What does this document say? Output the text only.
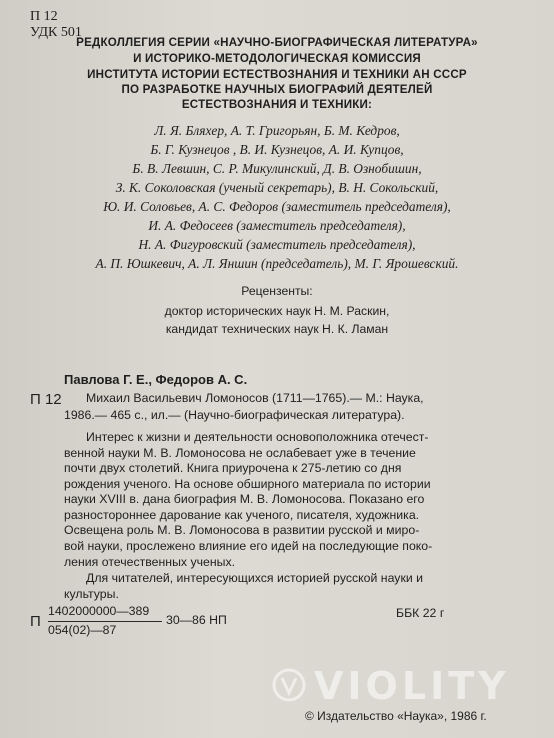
П 12
УДК 501
РЕДКОЛЛЕГИЯ СЕРИИ «НАУЧНО-БИОГРАФИЧЕСКАЯ ЛИТЕРАТУРА»
И ИСТОРИКО-МЕТОДОЛОГИЧЕСКАЯ КОМИССИЯ
ИНСТИТУТА ИСТОРИИ ЕСТЕСТВОЗНАНИЯ И ТЕХНИКИ АН СССР
ПО РАЗРАБОТКЕ НАУЧНЫХ БИОГРАФИЙ ДЕЯТЕЛЕЙ
ЕСТЕСТВОЗНАНИЯ И ТЕХНИКИ:
Л. Я. Бляхер, А. Т. Григорьян, Б. М. Кедров,
Б. Г. Кузнецов , В. И. Кузнецов, А. И. Купцов,
Б. В. Левшин, С. Р. Микулинский, Д. В. Ознобишин,
З. К. Соколовская (ученый секретарь), В. Н. Сокольский,
Ю. И. Соловьев, А. С. Федоров (заместитель председателя),
И. А. Федосеев (заместитель председателя),
Н. А. Фигуровский (заместитель председателя),
А. П. Юшкевич, А. Л. Яншин (председатель), М. Г. Ярошевский.
Рецензенты:
доктор исторических наук Н. М. Раскин,
кандидат технических наук Н. К. Ламан
Павлова Г. Е., Федоров А. С.
П 12 Михаил Васильевич Ломоносов (1711—1765).— М.: Наука,
1986.— 465 с., ил.— (Научно-биографическая литература).
Интерес к жизни и деятельности основоположника отечест-
венной науки М. В. Ломоносова не ослабевает уже в течение
почти двух столетий. Книга приурочена к 275-летию со дня
рождения ученого. На основе обширного материала по истории
науки XVIII в. дана биография М. В. Ломоносова. Показано его
разностороннее дарование как ученого, писателя, художника.
Освещена роль М. В. Ломоносова в развитии русской и миро-
вой науки, прослежено влияние его идей на последующие поко-
ления отечественных ученых.
Для читателей, интересующихся историей русской науки и
культуры.
П
1402000000—389
054(02)—87
30—86 НП	ББК 22 г
VIOLITY
© Издательство «Наука», 1986 г.
